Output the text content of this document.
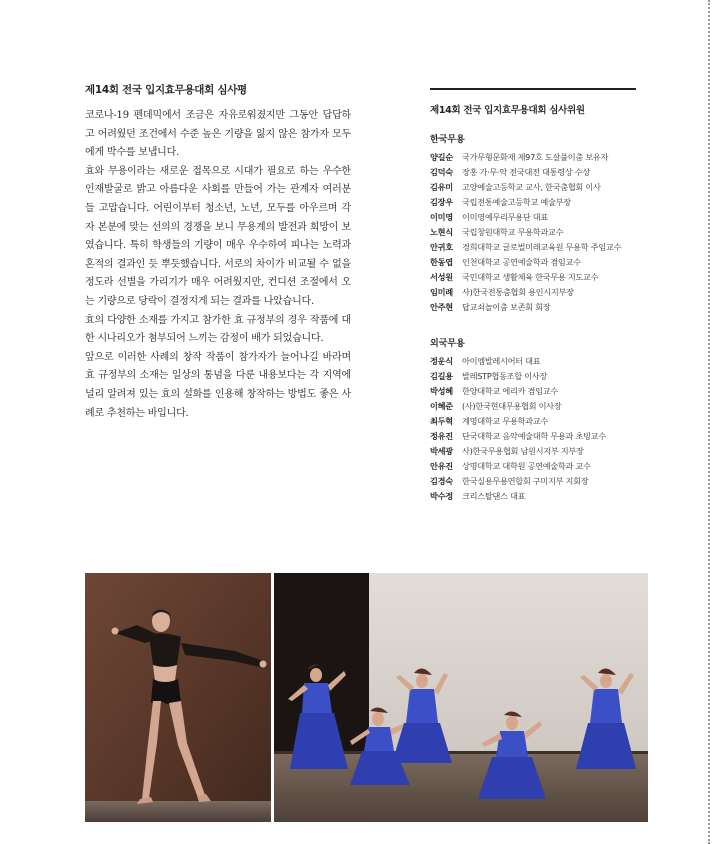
제14회 전국 입지효무용대회 심사평

코로나-19 펜데믹에서 조금은 자유로워졌지만 그동안 답답하고 어려웠던 조건에서 수준 높은 기량을 잃지 않은 참가자 모두에게 박수를 보냅니다.

효와 무용이라는 새로운 접목으로 시대가 필요로 하는 우수한 인재발굴로 밝고 아름다운 사회를 만들어 가는 관계자 여러분들 고맙습니다. 어린이부터 청소년, 노년, 모두를 아우르며 각자 본분에 맞는 선의의 경쟁을 보니 무용계의 발전과 희망이 보였습니다. 특히 학생들의 기량이 매우 우수하여 피나는 노력과 혼적의 결과인 듯 뿌듯했습니다. 서로의 차이가 비교될 수 없을 정도라 선별을 가리기가 매우 어려웠지만, 컨디션 조절에서 오는 기량으로 당락이 결정지게 되는 결과를 나았습니다.

효의 다양한 소재를 가지고 참가한 효 규정부의 경우 작품에 대한 시나리오가 첨부되어 느끼는 감정이 배가 되었습니다.

앞으로 이러한 사례의 창작 작품이 참가자가 늘어나길 바라며 효 규정부의 소재는 일상의 통념을 다룬 내용보다는 각 지역에 널리 알려져 있는 효의 설화를 인용해 창작하는 방법도 좋은 사례로 추천하는 바입니다.

제14회 전국 입지효무용대회 심사위원
한국무용
양길순	국가무형문화재 제97호 도살풀이춤 보유자
김덕숙	장홍 가·무·악 전국대전 대통령상 수상
김유미	고양예술고등학교 교사, 한국춤협회 이사
김장우	국립전통예술고등학교 예술부장
이미영	이미영예무리무용단 대표
노현식	국립창원대학교 무용학과교수
안귀호	경희대학교 글로벌미래교육원 무용학 주임교수
한동엽	인천대학교 공연예술학과 겸임교수
서성원	국민대학교 생활체육 한국무용 지도교수
임미례	사)한국전통춤협회 용인시지부장
안주현	답교쇠놀이춤 보존회 회장
외국무용
정운식	아이엠발레시어터 대표
김길용	발레STP협동조합 이사장
박성혜	한양대학교 에리카 겸임교수
이혜준	(사)한국현대무용협회 이사장
최두혁	계명대학교 무용학과교수
정유진	단국대학교 음악예술대학 무용과 초빙교수
박세광	사)한국무용협회 남원시지부 지부장
안유진	상명대학교 대학원 공연예술학과 교수
김경숙	한국실용무용연합회 구미지부 지회장
박수정	크리스탈댄스 대표
